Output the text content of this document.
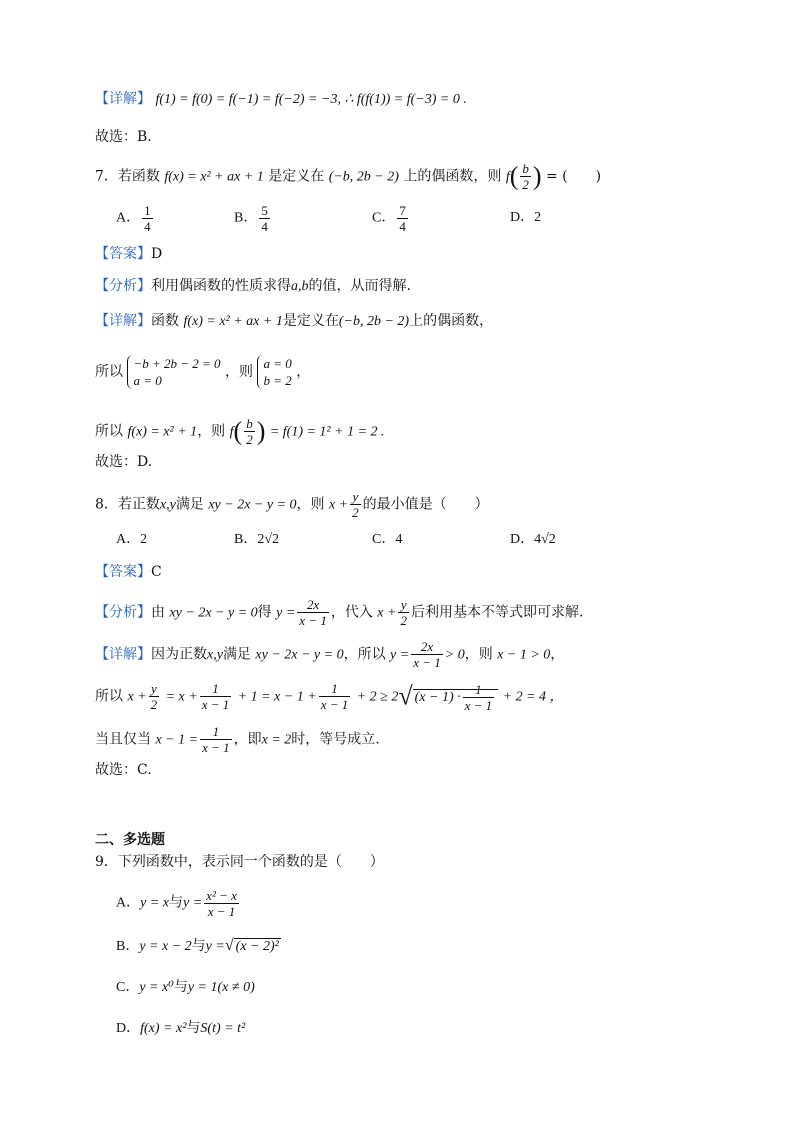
【详解】 f(1) = f(0) = f(−1) = f(−2) = −3, ∴ f(f(1)) = f(−3) = 0 .
故选：B.
7．若函数 f(x) = x² + ax + 1 是定义在 (−b, 2b − 2) 上的偶函数，则 $f( \frac{b}{2}$ ) = (　　)
A． $\frac{1}{4}$	B． $\frac{5}{4}$	C． $\frac{7}{4}$	D．2
【答案】D
【分析】利用偶函数的性质求得a,b的值，从而得解.
【详解】函数 f(x) = x² + ax + 1是定义在(−b, 2b − 2)上的偶函数，
所以
−b + 2b − 2 = 0
a = 0
，则
a = 0
b = 2
，
所以 f(x) = x² + 1，则 $f( \frac{b}{2}$ ) = f(1) = 1² + 1 = 2 .
故选：D.
8．若正数x,y满足 xy − 2x − y = 0，则 $x + \frac{y}{2}$ 的最小值是（　　）
A．2	B．2√2	C．4	D．4√2
【答案】C
【分析】由 xy − 2x − y = 0得 $y = \frac{2x}{x - 1}$ ，代入 $x + \frac{y}{2}$ 后利用基本不等式即可求解.
【详解】因为正数x,y满足 xy − 2x − y = 0，所以 $y = \frac{2x}{x - 1} > 0$，则 x − 1 > 0，
所以 $x + \frac{y}{2} = x + \frac{1}{x - 1} + 1 = x - 1 + \frac{1}{x - 1} + 2 \ge 2√$ $(x - 1) \cdot \frac{1}{x - 1} + 2 = 4$ ，
当且仅当 $x - 1 = \frac{1}{x - 1}$ ，即x = 2时，等号成立.
故选：C.
二、多选题
9．下列函数中，表示同一个函数的是（　　）
A．y = x与$y = \frac{\text{x² − x}}{x - 1}$
B．y = x − 2与y =√ (x − 2)²
C．y = x⁰与y = 1(x ≠ 0)
D．f(x) = x²与S(t) = t²
